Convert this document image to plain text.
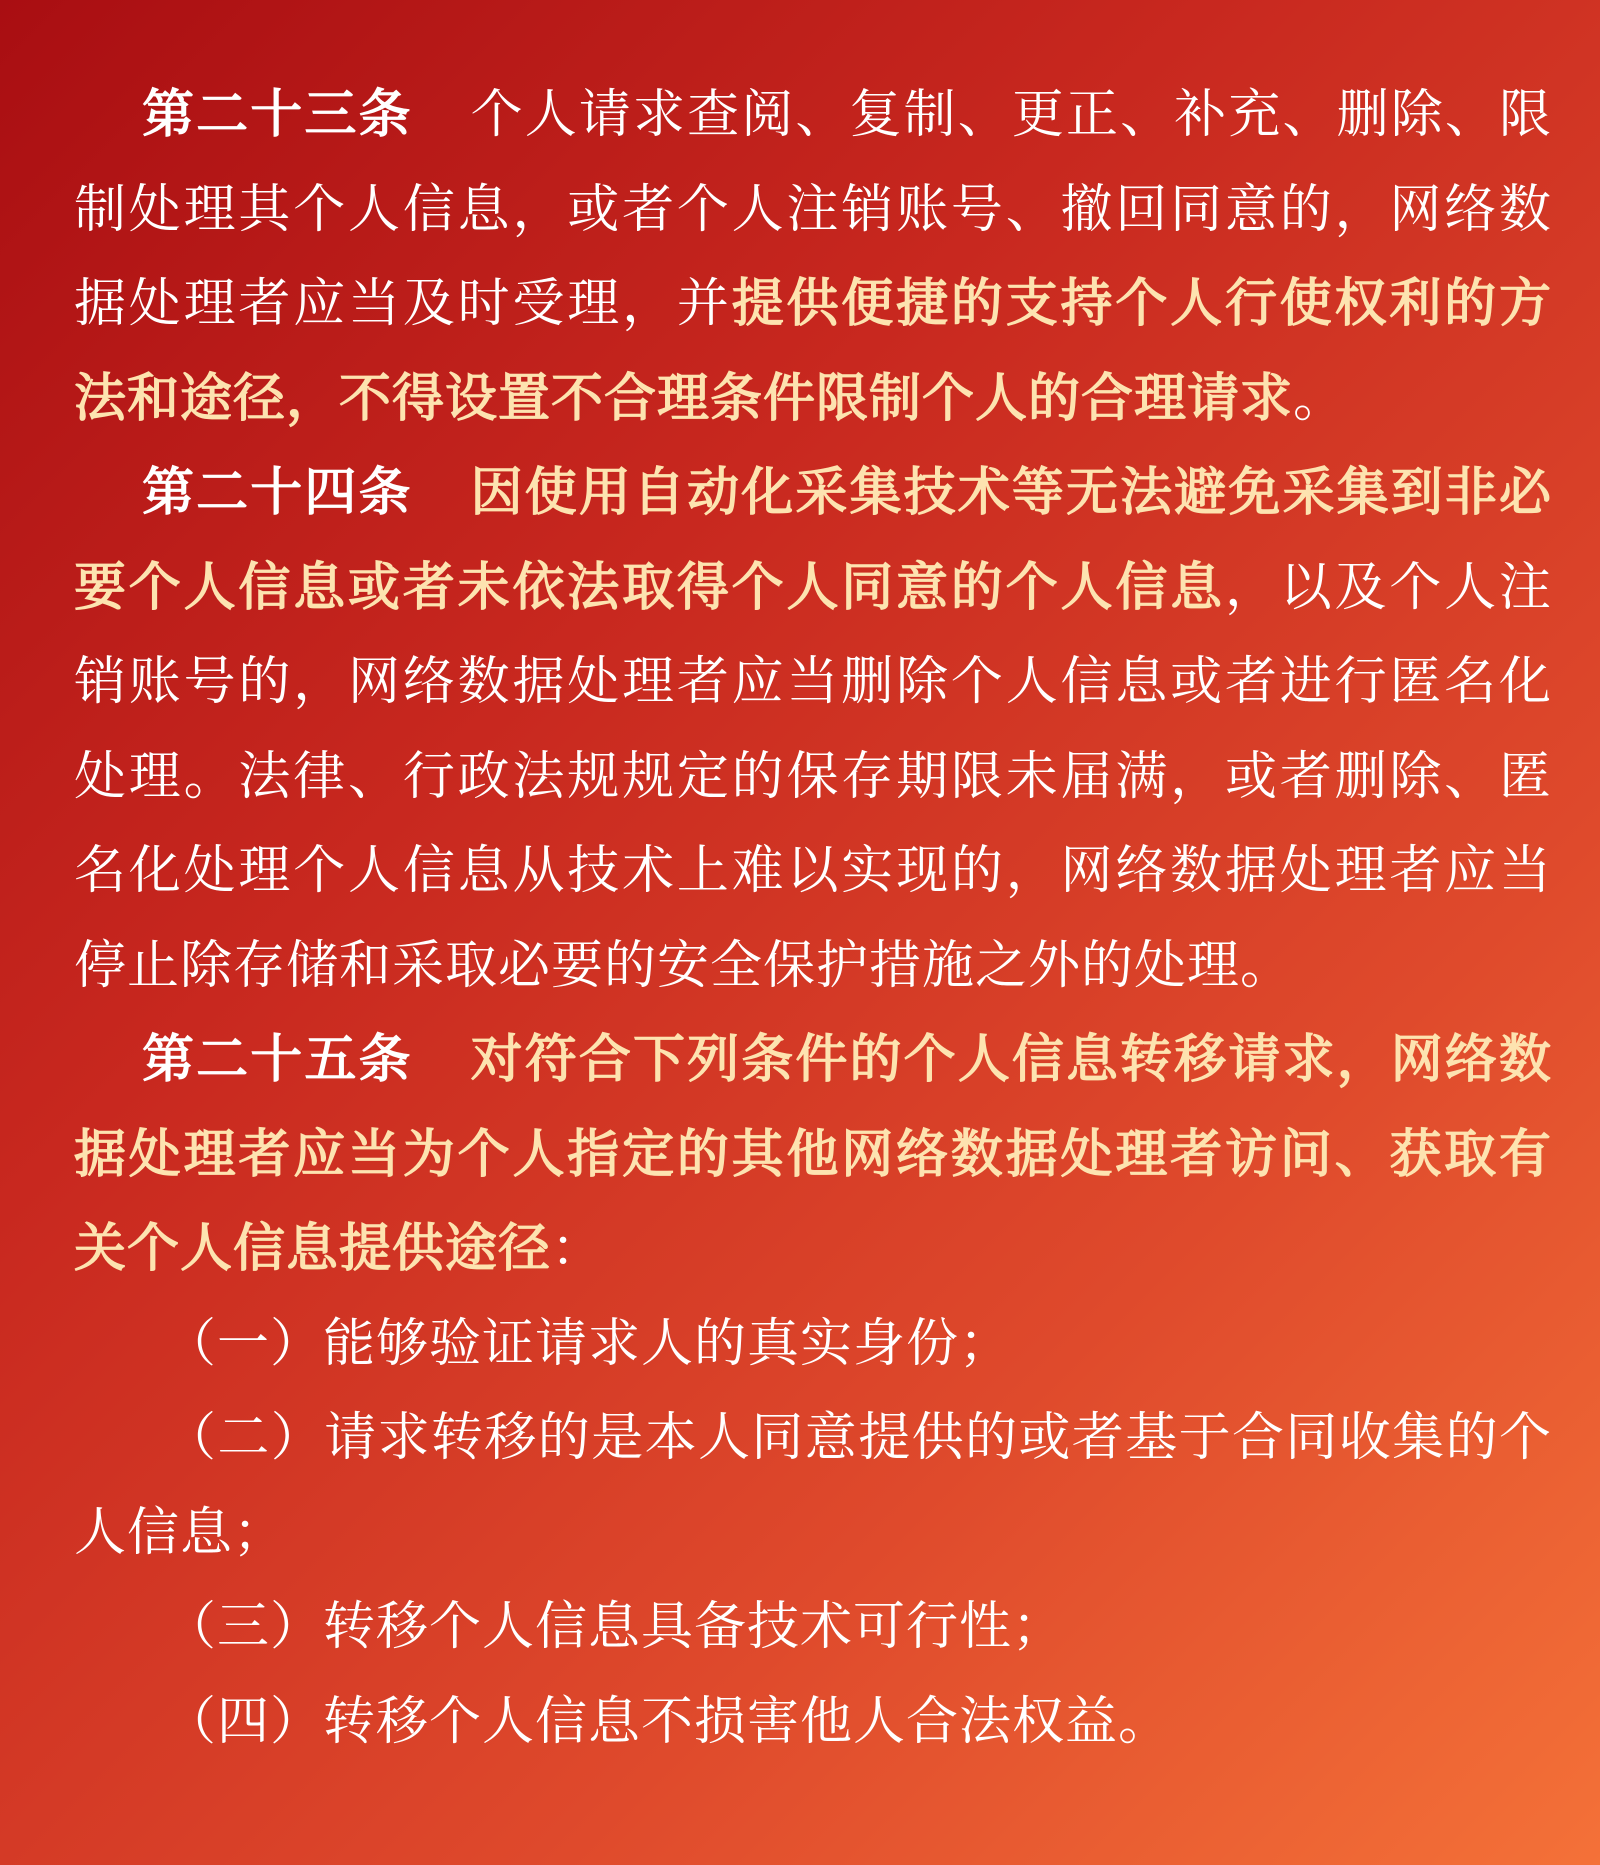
第二十三条 个人请求查阅、复制、更正、补充、删除、限制处理其个人信息，或者个人注销账号、撤回同意的，网络数据处理者应当及时受理，并提供便捷的支持个人行使权利的方法和途径，不得设置不合理条件限制个人的合理请求。

第二十四条 因使用自动化采集技术等无法避免采集到非必要个人信息或者未依法取得个人同意的个人信息，以及个人注销账号的，网络数据处理者应当删除个人信息或者进行匿名化处理。法律、行政法规规定的保存期限未届满，或者删除、匿名化处理个人信息从技术上难以实现的，网络数据处理者应当停止除存储和采取必要的安全保护措施之外的处理。

第二十五条 对符合下列条件的个人信息转移请求，网络数据处理者应当为个人指定的其他网络数据处理者访问、获取有关个人信息提供途径：

（一）能够验证请求人的真实身份；

（二）请求转移的是本人同意提供的或者基于合同收集的个人信息；

（三）转移个人信息具备技术可行性；

（四）转移个人信息不损害他人合法权益。
